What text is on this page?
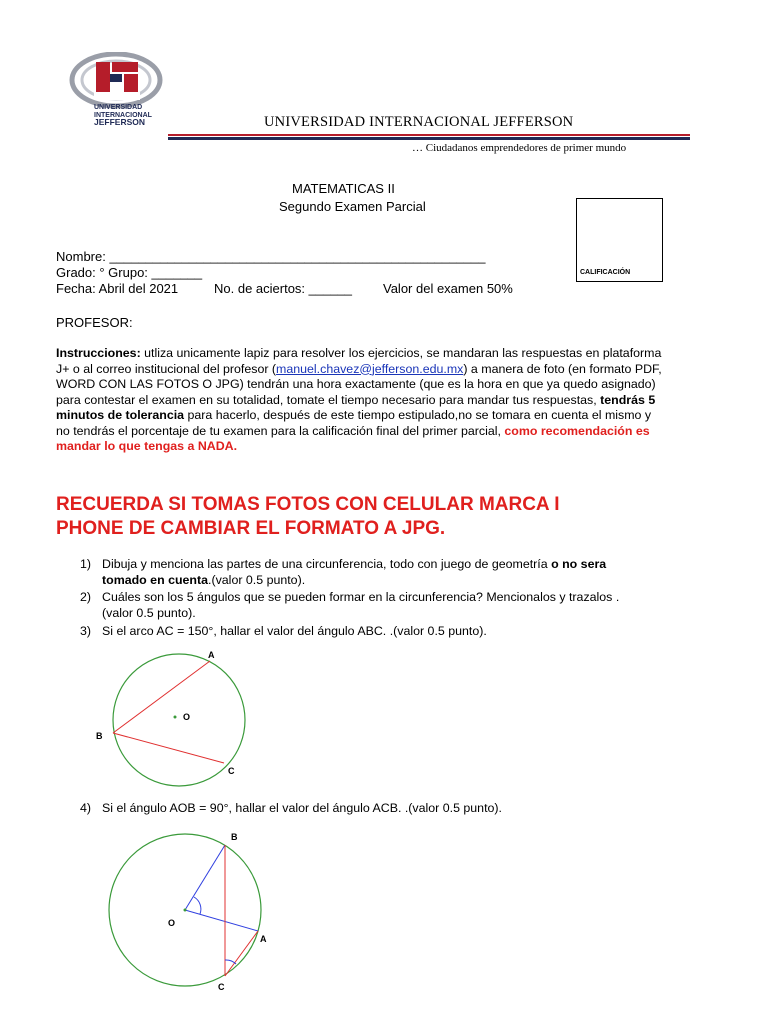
UNIVERSIDAD
INTERNACIONAL
JEFFERSON	UNIVERSIDAD INTERNACIONAL JEFFERSON
… Ciudadanos emprendedores de primer mundo
MATEMATICAS II
Segundo Examen Parcial
CALIFICACIÓN
Nombre: ____________________________________________________
Grado: ° Grupo: _______
Fecha: Abril del 2021	No. de aciertos: ______ Valor del examen 50%
PROFESOR:
Instrucciones: utliza unicamente lapiz para resolver los ejercicios, se mandaran las respuestas en plataforma J+ o al correo institucional del profesor (manuel.chavez@jefferson.edu.mx) a manera de foto (en formato PDF, WORD CON LAS FOTOS O JPG) tendrán una hora exactamente (que es la hora en que ya quedo asignado) para contestar el examen en su totalidad, tomate el tiempo necesario para mandar tus respuestas, tendrás 5 minutos de tolerancia para hacerlo, después de este tiempo estipulado,no se tomara en cuenta el mismo y no tendrás el porcentaje de tu examen para la calificación final del primer parcial, como recomendación es mandar lo que tengas a NADA.
RECUERDA SI TOMAS FOTOS CON CELULAR MARCA I
PHONE DE CAMBIAR EL FORMATO A JPG.
1) Dibuja y menciona las partes de una circunferencia, todo con juego de geometría o no sera tomado en cuenta.(valor 0.5 punto).
2) Cuáles son los 5 ángulos que se pueden formar en la circunferencia? Mencionalos y trazalos .(valor 0.5 punto).
3) Si el arco AC = 150°, hallar el valor del ángulo ABC. .(valor 0.5 punto).
A
B
C
O
4) Si el ángulo AOB = 90°, hallar el valor del ángulo ACB. .(valor 0.5 punto).
B
O
A
C
